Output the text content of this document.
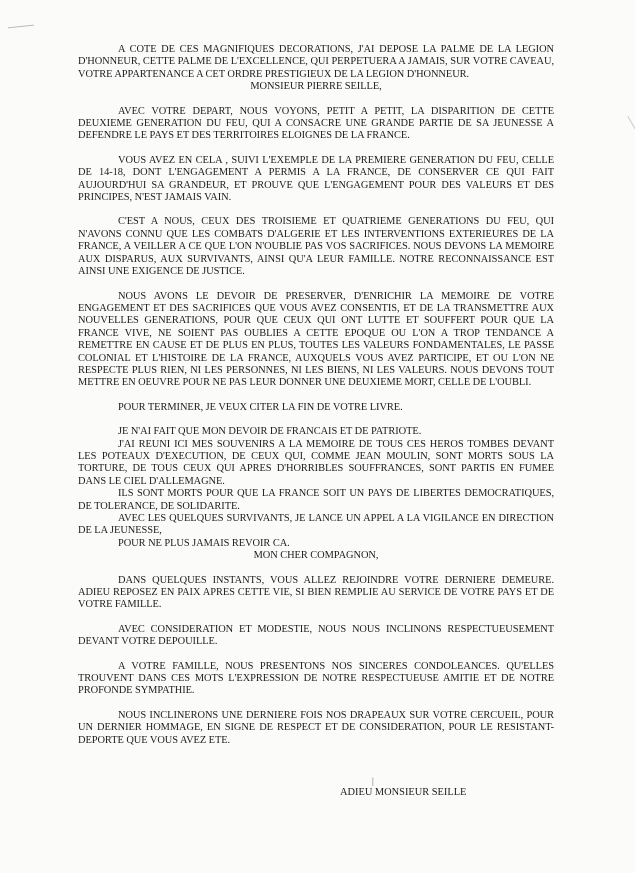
A COTE DE CES MAGNIFIQUES DECORATIONS, J'AI DEPOSE LA PALME DE LA LEGION D'HONNEUR, CETTE PALME DE L'EXCELLENCE, QUI PERPETUERA A JAMAIS, SUR VOTRE CAVEAU, VOTRE APPARTENANCE A CET ORDRE PRESTIGIEUX DE LA LEGION D'HONNEUR.

MONSIEUR PIERRE SEILLE,

AVEC VOTRE DEPART, NOUS VOYONS, PETIT A PETIT, LA DISPARITION DE CETTE DEUXIEME GENERATION DU FEU, QUI A CONSACRE UNE GRANDE PARTIE DE SA JEUNESSE A DEFENDRE LE PAYS ET DES TERRITOIRES ELOIGNES DE LA FRANCE.

VOUS AVEZ EN CELA , SUIVI L'EXEMPLE DE LA PREMIERE GENERATION DU FEU, CELLE DE 14-18, DONT L'ENGAGEMENT A PERMIS A LA FRANCE, DE CONSERVER CE QUI FAIT AUJOURD'HUI SA GRANDEUR, ET PROUVE QUE L'ENGAGEMENT POUR DES VALEURS ET DES PRINCIPES, N'EST JAMAIS VAIN.

C'EST A NOUS, CEUX DES TROISIEME ET QUATRIEME GENERATIONS DU FEU, QUI N'AVONS CONNU QUE LES COMBATS D'ALGERIE ET LES INTERVENTIONS EXTERIEURES DE LA FRANCE, A VEILLER A CE QUE L'ON N'OUBLIE PAS VOS SACRIFICES. NOUS DEVONS LA MEMOIRE AUX DISPARUS, AUX SURVIVANTS, AINSI QU'A LEUR FAMILLE. NOTRE RECONNAISSANCE EST AINSI UNE EXIGENCE DE JUSTICE.

NOUS AVONS LE DEVOIR DE PRESERVER, D'ENRICHIR LA MEMOIRE DE VOTRE ENGAGEMENT ET DES SACRIFICES QUE VOUS AVEZ CONSENTIS, ET DE LA TRANSMETTRE AUX NOUVELLES GENERATIONS, POUR QUE CEUX QUI ONT LUTTE ET SOUFFERT POUR QUE LA FRANCE VIVE, NE SOIENT PAS OUBLIES A CETTE EPOQUE OU L'ON A TROP TENDANCE A REMETTRE EN CAUSE ET DE PLUS EN PLUS, TOUTES LES VALEURS FONDAMENTALES, LE PASSE COLONIAL ET L'HISTOIRE DE LA FRANCE, AUXQUELS VOUS AVEZ PARTICIPE, ET OU L'ON NE RESPECTE PLUS RIEN, NI LES PERSONNES, NI LES BIENS, NI LES VALEURS. NOUS DEVONS TOUT METTRE EN OEUVRE POUR NE PAS LEUR DONNER UNE DEUXIEME MORT, CELLE DE L'OUBLI.

POUR TERMINER, JE VEUX CITER LA FIN DE VOTRE LIVRE.

JE N'AI FAIT QUE MON DEVOIR DE FRANCAIS ET DE PATRIOTE.

J'AI REUNI ICI MES SOUVENIRS A LA MEMOIRE DE TOUS CES HEROS TOMBES DEVANT LES POTEAUX D'EXECUTION, DE CEUX QUI, COMME JEAN MOULIN, SONT MORTS SOUS LA TORTURE, DE TOUS CEUX QUI APRES D'HORRIBLES SOUFFRANCES, SONT PARTIS EN FUMEE DANS LE CIEL D'ALLEMAGNE.

ILS SONT MORTS POUR QUE LA FRANCE SOIT UN PAYS DE LIBERTES DEMOCRATIQUES, DE TOLERANCE, DE SOLIDARITE.

AVEC LES QUELQUES SURVIVANTS, JE LANCE UN APPEL A LA VIGILANCE EN DIRECTION DE LA JEUNESSE,

POUR NE PLUS JAMAIS REVOIR CA.

MON CHER COMPAGNON,

DANS QUELQUES INSTANTS, VOUS ALLEZ REJOINDRE VOTRE DERNIERE DEMEURE. ADIEU REPOSEZ EN PAIX APRES CETTE VIE, SI BIEN REMPLIE AU SERVICE DE VOTRE PAYS ET DE VOTRE FAMILLE.

AVEC CONSIDERATION ET MODESTIE, NOUS NOUS INCLINONS RESPECTUEUSEMENT DEVANT VOTRE DEPOUILLE.

A VOTRE FAMILLE, NOUS PRESENTONS NOS SINCERES CONDOLEANCES. QU'ELLES TROUVENT DANS CES MOTS L'EXPRESSION DE NOTRE RESPECTUEUSE AMITIE ET DE NOTRE PROFONDE SYMPATHIE.

NOUS INCLINERONS UNE DERNIERE FOIS NOS DRAPEAUX SUR VOTRE CERCUEIL, POUR UN DERNIER HOMMAGE, EN SIGNE DE RESPECT ET DE CONSIDERATION, POUR LE RESISTANT-DEPORTE QUE VOUS AVEZ ETE.

|
ADIEU MONSIEUR SEILLE
